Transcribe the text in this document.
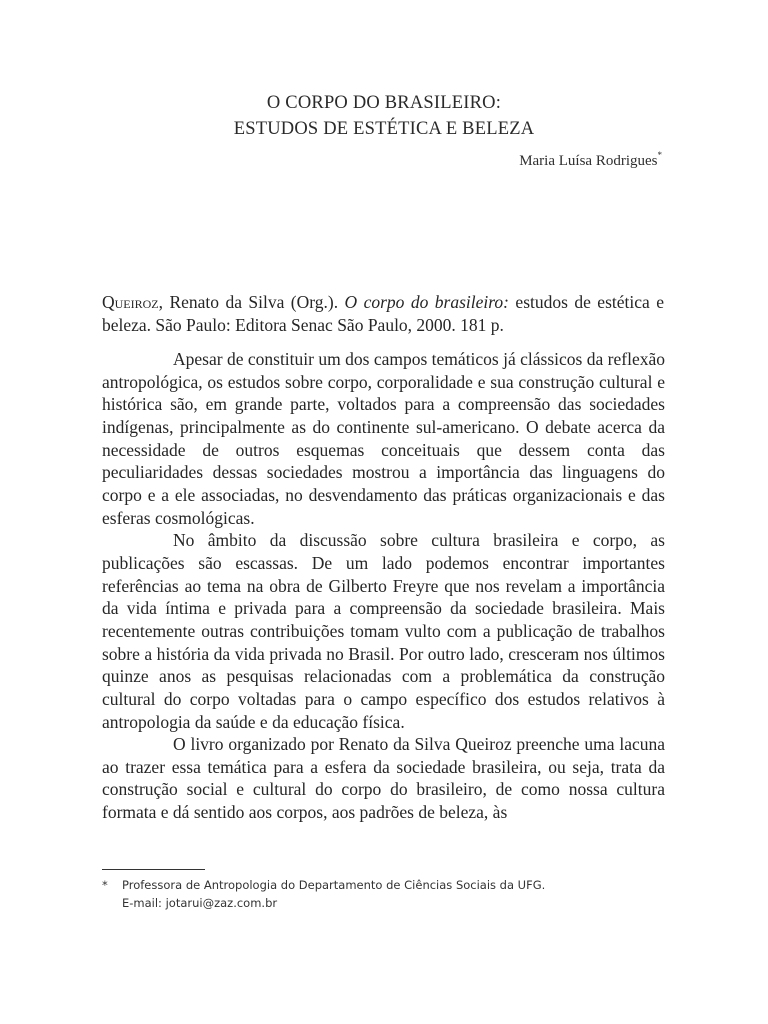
O CORPO DO BRASILEIRO:
ESTUDOS DE ESTÉTICA E BELEZA
Maria Luísa Rodrigues*
Queiroz, Renato da Silva (Org.). O corpo do brasileiro: estudos de estética e beleza. São Paulo: Editora Senac São Paulo, 2000. 181 p.

Apesar de constituir um dos campos temáticos já clássicos da reflexão antropológica, os estudos sobre corpo, corporalidade e sua construção cultural e histórica são, em grande parte, voltados para a compreensão das sociedades indígenas, principalmente as do continente sul-americano. O debate acerca da necessidade de outros esquemas conceituais que dessem conta das peculiaridades dessas sociedades mostrou a importância das linguagens do corpo e a ele associadas, no desvendamento das práticas organizacionais e das esferas cosmológicas.

No âmbito da discussão sobre cultura brasileira e corpo, as publicações são escassas. De um lado podemos encontrar importantes referências ao tema na obra de Gilberto Freyre que nos revelam a importância da vida íntima e privada para a compreensão da sociedade brasileira. Mais recentemente outras contribuições tomam vulto com a publicação de trabalhos sobre a história da vida privada no Brasil. Por outro lado, cresceram nos últimos quinze anos as pesquisas relacionadas com a problemática da construção cultural do corpo voltadas para o campo específico dos estudos relativos à antropologia da saúde e da educação física.

O livro organizado por Renato da Silva Queiroz preenche uma lacuna ao trazer essa temática para a esfera da sociedade brasileira, ou seja, trata da construção social e cultural do corpo do brasileiro, de como nossa cultura formata e dá sentido aos corpos, aos padrões de beleza, às

*	Professora de Antropologia do Departamento de Ciências Sociais da UFG.
E-mail: jotarui@zaz.com.br
